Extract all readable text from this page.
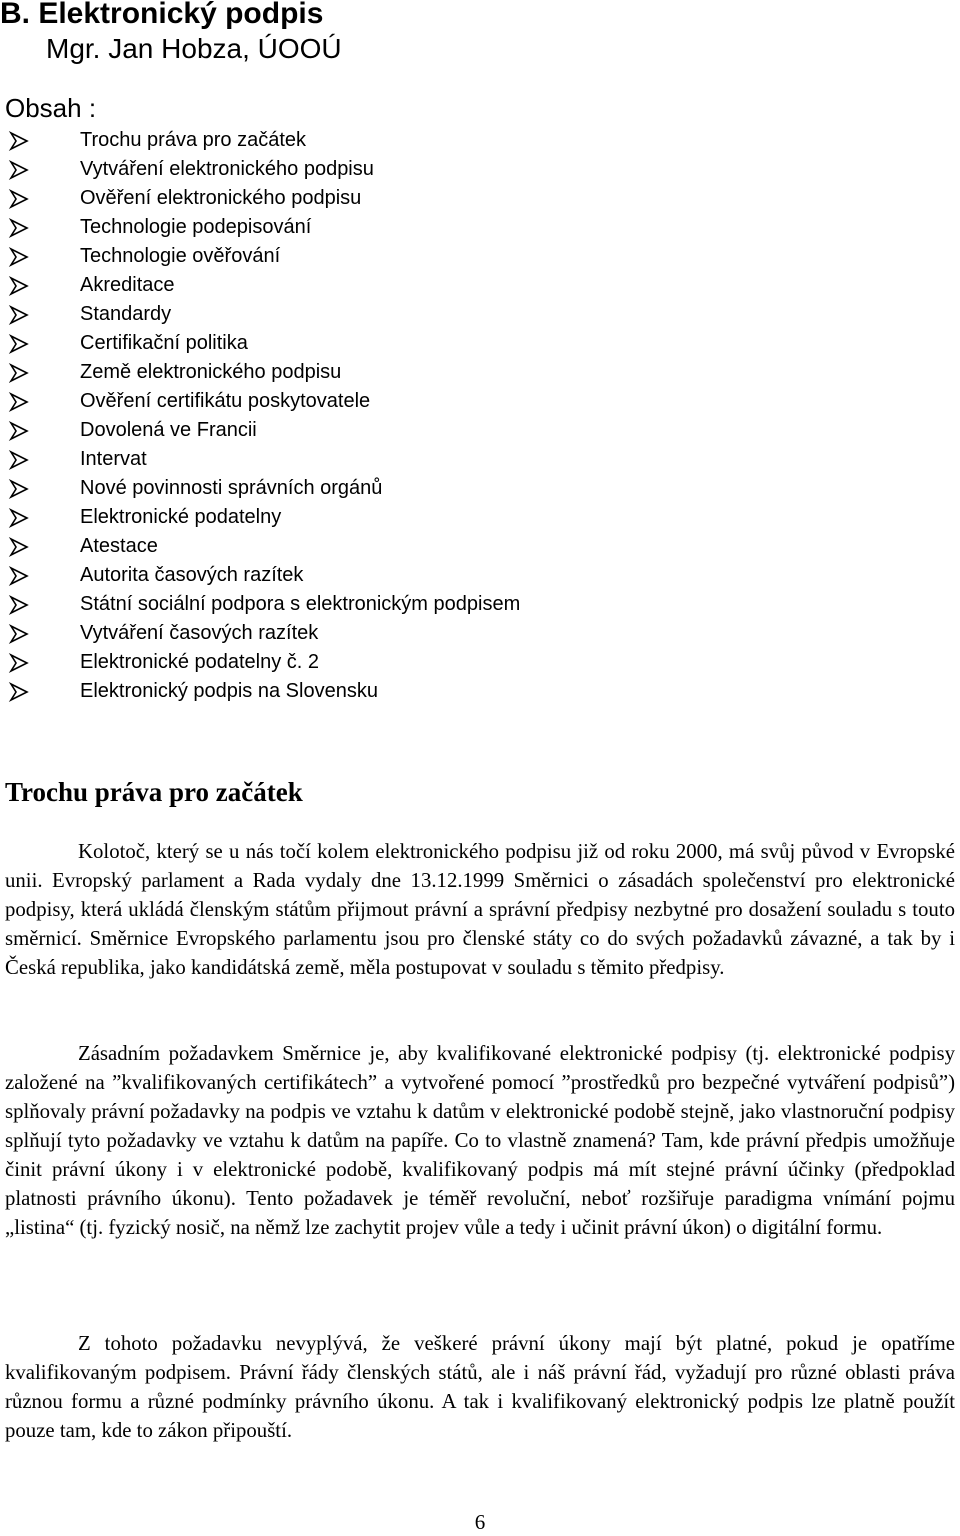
B. Elektronický podpis
Mgr. Jan Hobza, ÚOOÚ
Obsah :
Trochu práva pro začátek
Vytváření elektronického podpisu
Ověření elektronického podpisu
Technologie podepisování
Technologie ověřování
Akreditace
Standardy
Certifikační politika
Země elektronického podpisu
Ověření certifikátu poskytovatele
Dovolená ve Francii
Intervat
Nové povinnosti správních orgánů
Elektronické podatelny
Atestace
Autorita časových razítek
Státní sociální podpora s elektronickým podpisem
Vytváření časových razítek
Elektronické podatelny č. 2
Elektronický podpis na Slovensku
Trochu práva pro začátek

Kolotoč, který se u nás točí kolem elektronického podpisu již od roku 2000, má svůj původ v Evropské unii. Evropský parlament a Rada vydaly dne 13.12.1999 Směrnici o zásadách společenství pro elektronické podpisy, která ukládá členským státům přijmout právní a správní předpisy nezbytné pro dosažení souladu s touto směrnicí. Směrnice Evropského parlamentu jsou pro členské státy co do svých požadavků závazné, a tak by i Česká republika, jako kandidátská země, měla postupovat v souladu s těmito předpisy.

Zásadním požadavkem Směrnice je, aby kvalifikované elektronické podpisy (tj. elektronické podpisy založené na ”kvalifikovaných certifikátech” a vytvořené pomocí ”prostředků pro bezpečné vytváření podpisů”) splňovaly právní požadavky na podpis ve vztahu k datům v elektronické podobě stejně, jako vlastnoruční podpisy splňují tyto požadavky ve vztahu k datům na papíře. Co to vlastně znamená? Tam, kde právní předpis umožňuje činit právní úkony i v elektronické podobě, kvalifikovaný podpis má mít stejné právní účinky (předpoklad platnosti právního úkonu). Tento požadavek je téměř revoluční, neboť rozšiřuje paradigma vnímání pojmu „listina“ (tj. fyzický nosič, na němž lze zachytit projev vůle a tedy i učinit právní úkon) o digitální formu.

Z tohoto požadavku nevyplývá, že veškeré právní úkony mají být platné, pokud je opatříme kvalifikovaným podpisem. Právní řády členských států, ale i náš právní řád, vyžadují pro různé oblasti práva různou formu a různé podmínky právního úkonu. A tak i kvalifikovaný elektronický podpis lze platně použít pouze tam, kde to zákon připouští.

6
